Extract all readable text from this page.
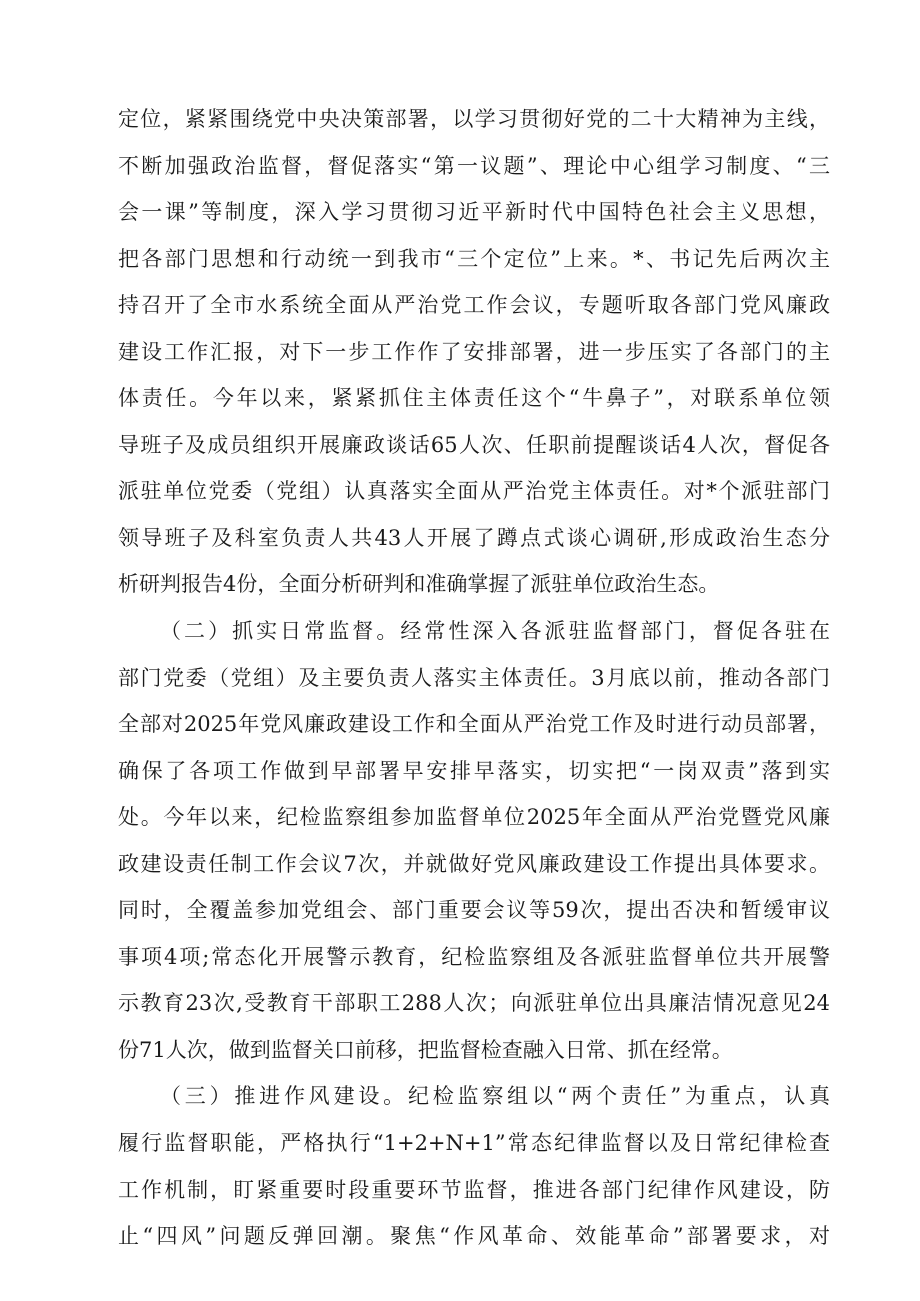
定位，紧紧围绕党中央决策部署，以学习贯彻好党的二十大精神为主线，
不断加强政治监督，督促落实“第一议题”、理论中心组学习制度、“三
会一课”等制度，深入学习贯彻习近平新时代中国特色社会主义思想，
把各部门思想和行动统一到我市“三个定位”上来。*、书记先后两次主
持召开了全市水系统全面从严治党工作会议，专题听取各部门党风廉政
建设工作汇报，对下一步工作作了安排部署，进一步压实了各部门的主
体责任。今年以来，紧紧抓住主体责任这个“牛鼻子”，对联系单位领
导班子及成员组织开展廉政谈话65人次、任职前提醒谈话4人次，督促各
派驻单位党委（党组）认真落实全面从严治党主体责任。对*个派驻部门
领导班子及科室负责人共43人开展了蹲点式谈心调研,形成政治生态分
析研判报告4份，全面分析研判和准确掌握了派驻单位政治生态。
（二）抓实日常监督。经常性深入各派驻监督部门，督促各驻在
部门党委（党组）及主要负责人落实主体责任。3月底以前，推动各部门
全部对2025年党风廉政建设工作和全面从严治党工作及时进行动员部署，
确保了各项工作做到早部署早安排早落实，切实把“一岗双责”落到实
处。今年以来，纪检监察组参加监督单位2025年全面从严治党暨党风廉
政建设责任制工作会议7次，并就做好党风廉政建设工作提出具体要求。
同时，全覆盖参加党组会、部门重要会议等59次，提出否决和暂缓审议
事项4项;常态化开展警示教育，纪检监察组及各派驻监督单位共开展警
示教育23次,受教育干部职工288人次；向派驻单位出具廉洁情况意见24
份71人次，做到监督关口前移，把监督检查融入日常、抓在经常。
（三）推进作风建设。纪检监察组以“两个责任”为重点，认真
履行监督职能，严格执行“1+2+N+1”常态纪律监督以及日常纪律检查
工作机制，盯紧重要时段重要环节监督，推进各部门纪律作风建设，防
止“四风”问题反弹回潮。聚焦“作风革命、效能革命”部署要求，对
